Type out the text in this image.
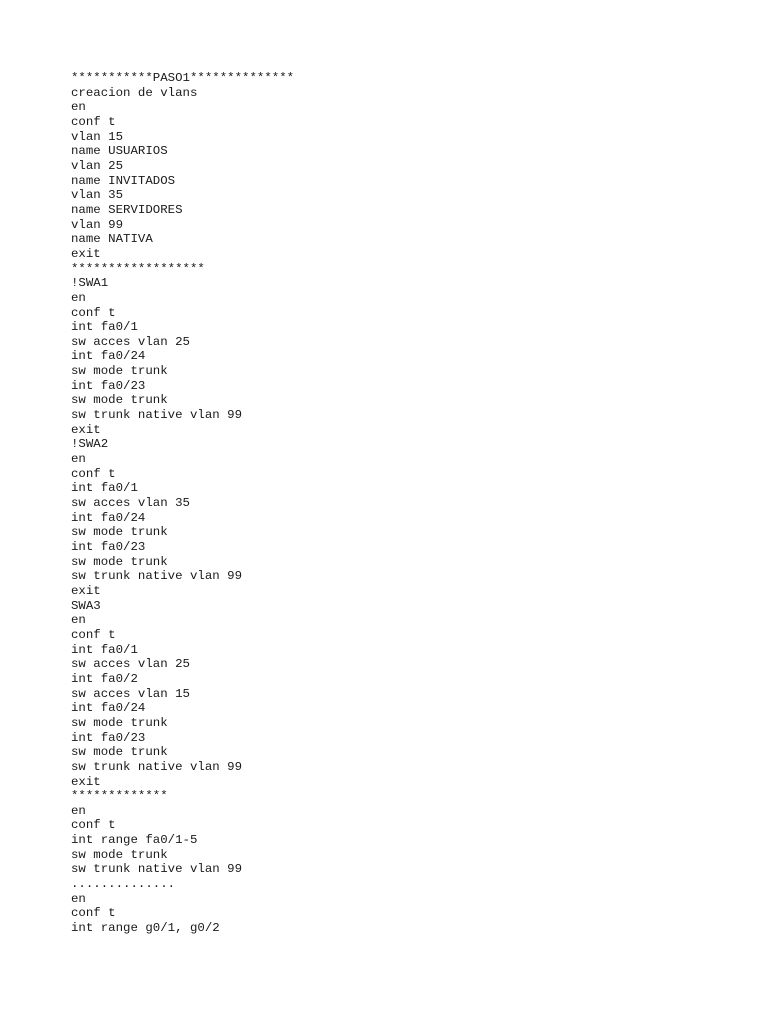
***********PASO1**************
creacion de vlans
en
conf t
vlan 15
name USUARIOS
vlan 25
name INVITADOS
vlan 35
name SERVIDORES
vlan 99
name NATIVA
exit
******************
!SWA1
en
conf t
int fa0/1
sw acces vlan 25
int fa0/24
sw mode trunk
int fa0/23
sw mode trunk
sw trunk native vlan 99
exit
!SWA2
en
conf t
int fa0/1
sw acces vlan 35
int fa0/24
sw mode trunk
int fa0/23
sw mode trunk
sw trunk native vlan 99
exit
SWA3
en
conf t
int fa0/1
sw acces vlan 25
int fa0/2
sw acces vlan 15
int fa0/24
sw mode trunk
int fa0/23
sw mode trunk
sw trunk native vlan 99
exit
*************
en
conf t
int range fa0/1-5
sw mode trunk
sw trunk native vlan 99
..............
en
conf t
int range g0/1, g0/2
